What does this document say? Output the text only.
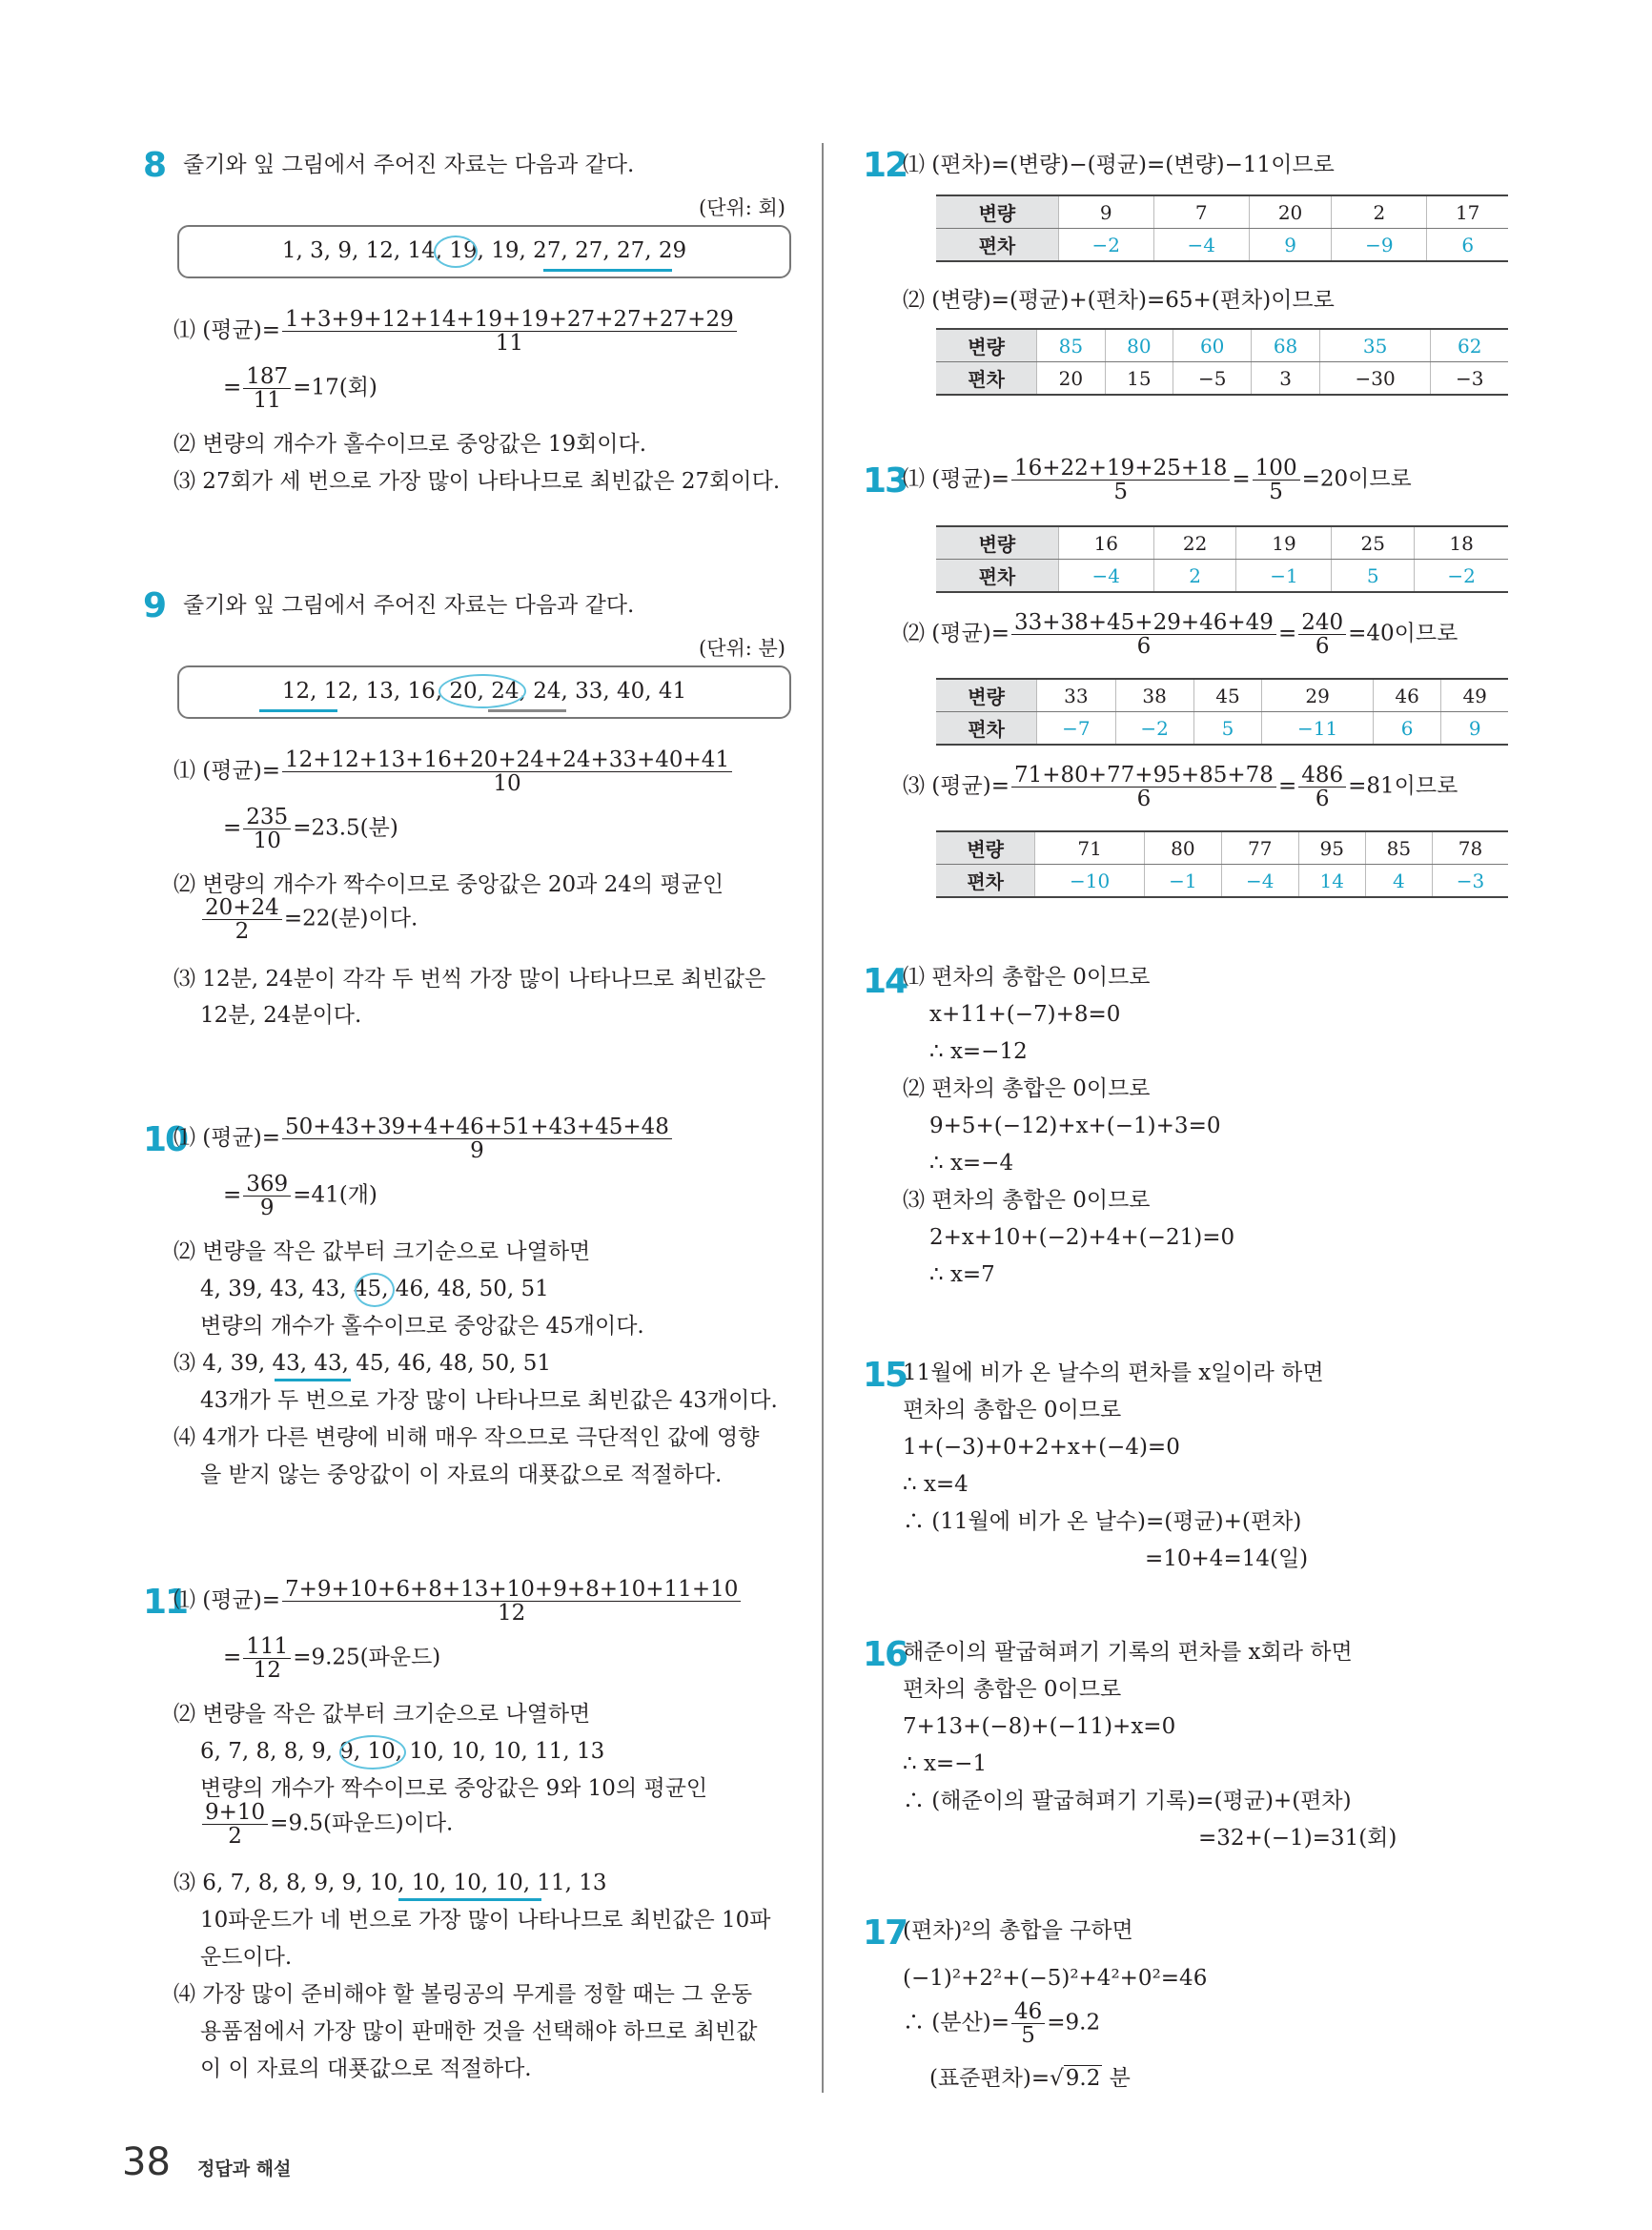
8 줄기와 잎 그림에서 주어진 자료는 다음과 같다.
(단위: 회)
1, 3, 9, 12, 14, 19, 19, 27, 27, 27, 29
⑴ (평균)= $\frac{1+3+9+12+14+19+19+27+27+27+29}{11}$
= $\frac{187}{11} =17$(회)
⑵ 변량의 개수가 홀수이므로 중앙값은 19회이다.
⑶ 27회가 세 번으로 가장 많이 나타나므로 최빈값은 27회이다.
9 줄기와 잎 그림에서 주어진 자료는 다음과 같다.
(단위: 분)
12, 12, 13, 16, 20, 24, 24, 33, 40, 41
⑴ (평균)= $\frac{12+12+13+16+20+24+24+33+40+41}{10}$
= $\frac{235}{10} =23.5$(분)
⑵ 변량의 개수가 짝수이므로 중앙값은 20과 24의 평균인
$\frac{20+24}{2} =22$(분)이다.
⑶ 12분, 24분이 각각 두 번씩 가장 많이 나타나므로 최빈값은
12분, 24분이다.
10
⑴ (평균)= $\frac{50+43+39+4+46+51+43+45+48}{9}$
= $\frac{369}{9} =41$(개)
⑵ 변량을 작은 값부터 크기순으로 나열하면
4, 39, 43, 43, 45, 46, 48, 50, 51
변량의 개수가 홀수이므로 중앙값은 45개이다.
⑶ 4, 39, 43, 43, 45, 46, 48, 50, 51
43개가 두 번으로 가장 많이 나타나므로 최빈값은 43개이다.
⑷ 4개가 다른 변량에 비해 매우 작으므로 극단적인 값에 영향
을 받지 않는 중앙값이 이 자료의 대푯값으로 적절하다.
11
⑴ (평균)= $\frac{7+9+10+6+8+13+10+9+8+10+11+10}{12}$
= $\frac{111}{12} =9.25$(파운드)
⑵ 변량을 작은 값부터 크기순으로 나열하면
6, 7, 8, 8, 9, 9, 10, 10, 10, 10, 11, 13
변량의 개수가 짝수이므로 중앙값은 9와 10의 평균인
$\frac{9+10}{2} =9.5$(파운드)이다.
⑶ 6, 7, 8, 8, 9, 9, 10, 10, 10, 10, 11, 13
10파운드가 네 번으로 가장 많이 나타나므로 최빈값은 10파
운드이다.
⑷ 가장 많이 준비해야 할 볼링공의 무게를 정할 때는 그 운동
용품점에서 가장 많이 판매한 것을 선택해야 하므로 최빈값
이 이 자료의 대푯값으로 적절하다.
12
⑴ (편차)=(변량)−(평균)=(변량)−11이므로
변량	9	7	20	2	17
편차	−2	−4	9	−9	6
⑵ (변량)=(평균)+(편차)=65+(편차)이므로
변량	85	80	60	68	35	62
편차	20	15	−5	3	−30	−3
13
⑴ (평균)= $\frac{16+22+19+25+18}{5} = \frac{100}{5} =20$이므로
변량	16	22	19	25	18
편차	−4	2	−1	5	−2
⑵ (평균)= $\frac{33+38+45+29+46+49}{6} = \frac{240}{6} =40$이므로
변량	33	38	45	29	46	49
편차	−7	−2	5	−11	6	9
⑶ (평균)= $\frac{71+80+77+95+85+78}{6} = \frac{486}{6} =81$이므로
변량	71	80	77	95	85	78
편차	−10	−1	−4	14	4	−3
14
⑴ 편차의 총합은 0이므로
x+11+(−7)+8=0
∴ x=−12
⑵ 편차의 총합은 0이므로
9+5+(−12)+x+(−1)+3=0
∴ x=−4
⑶ 편차의 총합은 0이므로
2+x+10+(−2)+4+(−21)=0
∴ x=7
15
11월에 비가 온 날수의 편차를 x일이라 하면
편차의 총합은 0이므로
1+(−3)+0+2+x+(−4)=0
∴ x=4
∴ (11월에 비가 온 날수)=(평균)+(편차)
=10+4=14(일)
16
해준이의 팔굽혀펴기 기록의 편차를 x회라 하면
편차의 총합은 0이므로
7+13+(−8)+(−11)+x=0
∴ x=−1
∴ (해준이의 팔굽혀펴기 기록)=(평균)+(편차)
=32+(−1)=31(회)
17
(편차)²의 총합을 구하면
(−1)²+2²+(−5)²+4²+0²=46
∴ (분산)= $\frac{46}{5} =9.2$
(표준편차)=√9.2 분
38 정답과 해설
